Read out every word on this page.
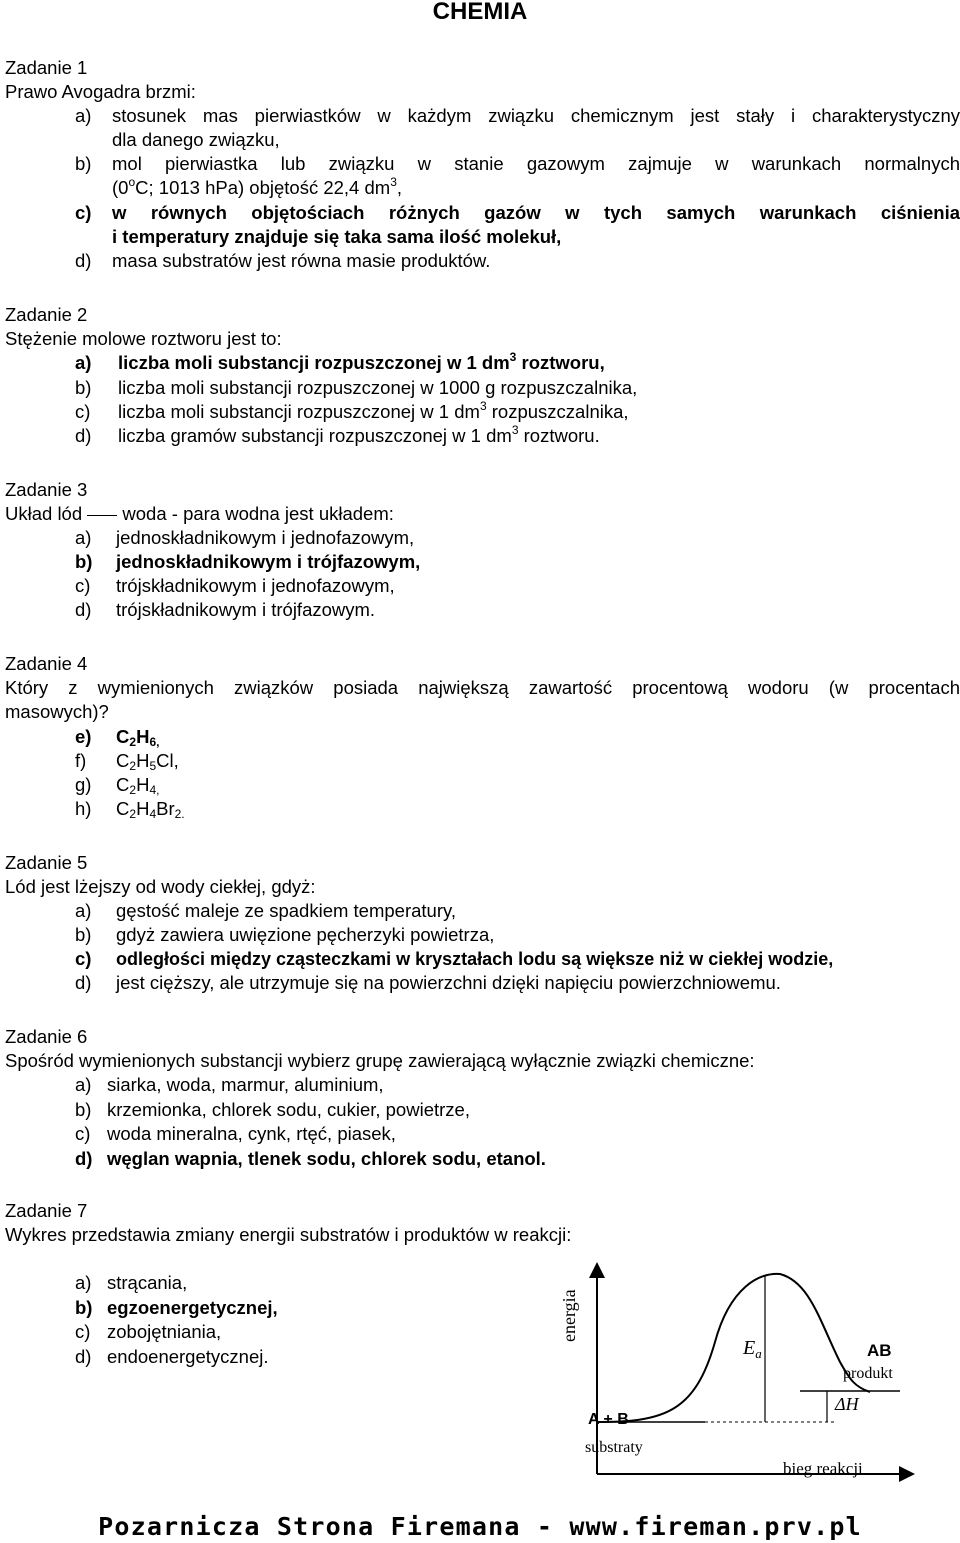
CHEMIA
Zadanie 1
Prawo Avogadra brzmi:
a) stosunek mas pierwiastków w każdym związku chemicznym jest stały i charakterystyczny
dla danego związku,
b) mol pierwiastka lub związku w stanie gazowym zajmuje w warunkach normalnych
(0$^o$C; 1013 hPa) objętość 22,4 $dm^3$,
c) w równych objętościach różnych gazów w tych samych warunkach ciśnienia
i temperatury znajduje się taka sama ilość molekuł,
d) masa substratów jest równa masie produktów.
Zadanie 2
Stężenie molowe roztworu jest to:
a) liczba moli substancji rozpuszczonej w 1 $dm^3$ roztworu,
b) liczba moli substancji rozpuszczonej w 1000 g rozpuszczalnika,
c) liczba moli substancji rozpuszczonej w 1 $dm^3$ rozpuszczalnika,
d) liczba gramów substancji rozpuszczonej w 1 $dm^3$ roztworu.
Zadanie 3
Układ lód  woda - para wodna jest układem:
a) jednoskładnikowym i jednofazowym,
b) jednoskładnikowym i trójfazowym,
c) trójskładnikowym i jednofazowym,
d) trójskładnikowym i trójfazowym.
Zadanie 4
Który z wymienionych związków posiada największą zawartość procentową wodoru (w procentach
masowych)?
e) $C_2H_{6,}$
f) $C_2H_5Cl$,
g) $C_2H_{4,}$
h) $C_2H_4Br_{2.}$
Zadanie 5
Lód jest lżejszy od wody ciekłej, gdyż:
a) gęstość maleje ze spadkiem temperatury,
b) gdyż zawiera uwięzione pęcherzyki powietrza,
c) odległości między cząsteczkami w kryształach lodu są większe niż w ciekłej wodzie,
d) jest cięższy, ale utrzymuje się na powierzchni dzięki napięciu powierzchniowemu.
Zadanie 6
Spośród wymienionych substancji wybierz grupę zawierającą wyłącznie związki chemiczne:
a) siarka, woda, marmur, aluminium,
b) krzemionka, chlorek sodu, cukier, powietrze,
c) woda mineralna, cynk, rtęć, piasek,
d) węglan wapnia, tlenek sodu, chlorek sodu, etanol.
Zadanie 7
Wykres przedstawia zmiany energii substratów i produktów w reakcji:
a) strącania,
b) egzoenergetycznej,
c) zobojętniania,
d) endoenergetycznej.
energia
bieg reakcji
$E_a$	AB
produkt
ΔH
A + B
substraty
Pozarnicza Strona Firemana - www.fireman.prv.pl
